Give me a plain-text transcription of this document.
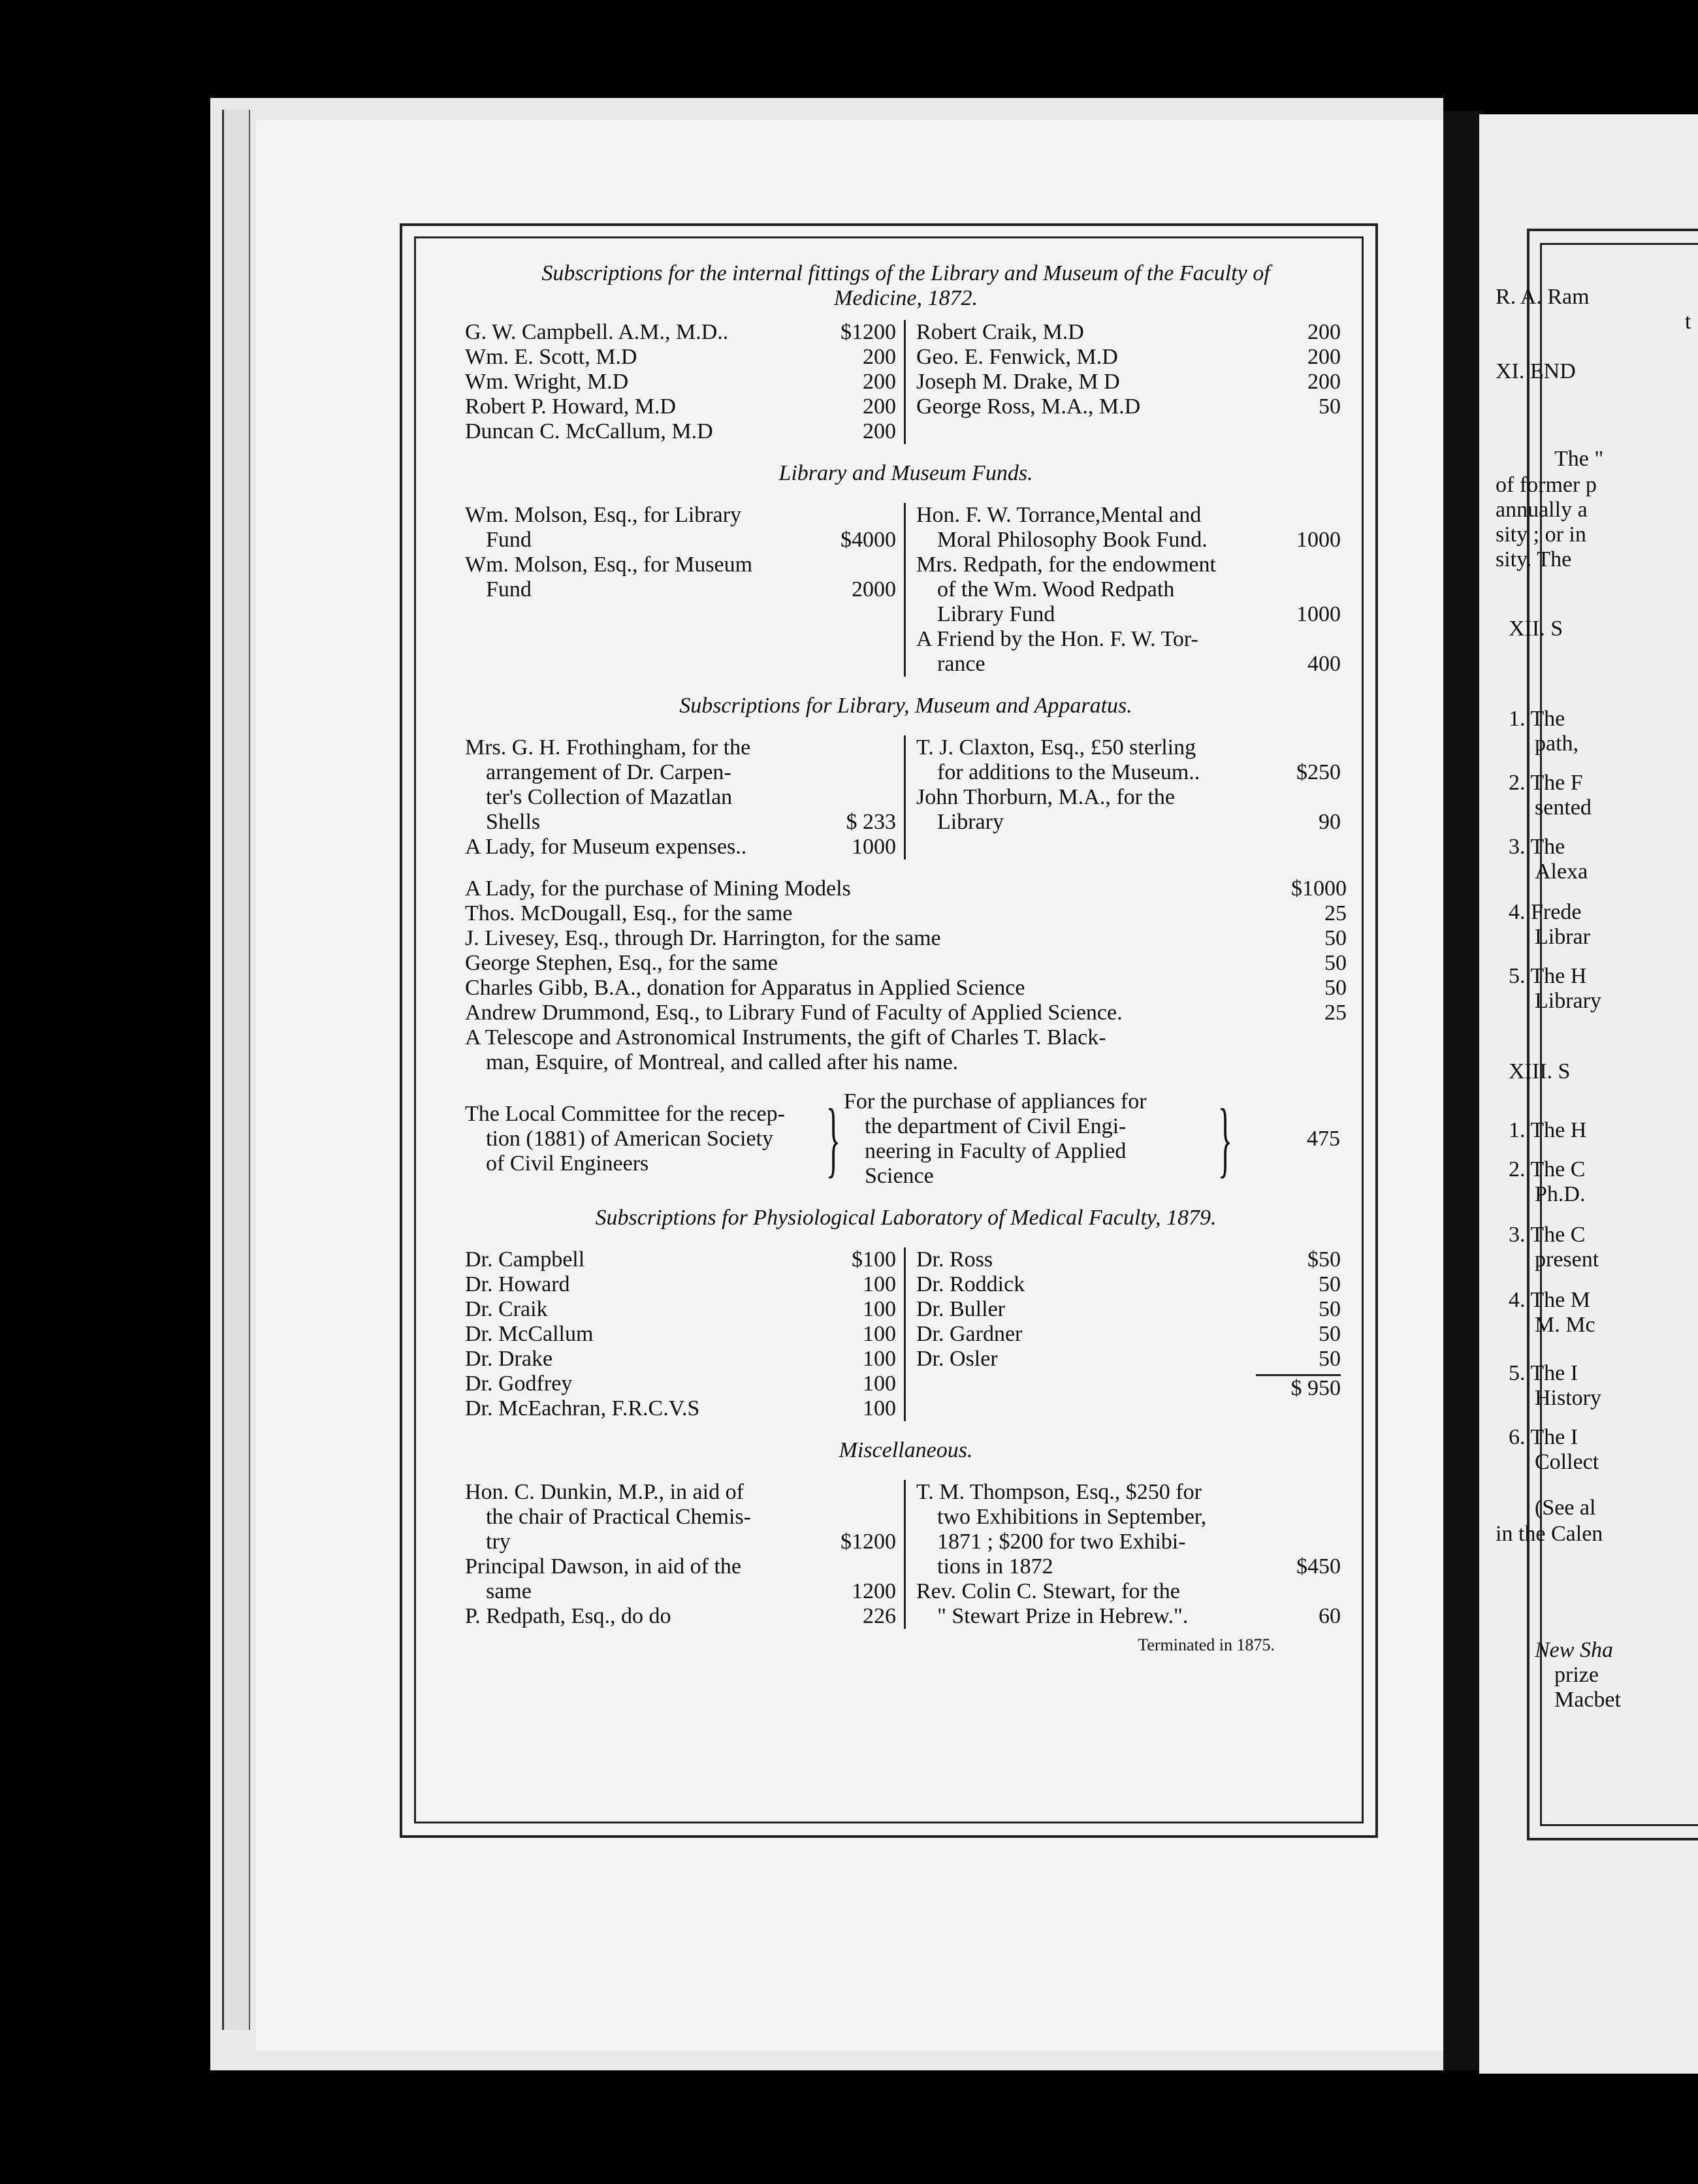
Subscriptions for the internal fittings of the Library and Museum of the Faculty of
Medicine, 1872.
G. W. Campbell. A.M., M.D..	$1200
Wm. E. Scott, M.D	200
Wm. Wright, M.D	200
Robert P. Howard, M.D	200
Duncan C. McCallum, M.D	200
Robert Craik, M.D	200
Geo. E. Fenwick, M.D	200
Joseph M. Drake, M D	200
George Ross, M.A., M.D	50
Library and Museum Funds.
Wm. Molson, Esq., for Library
Fund	$4000
Wm. Molson, Esq., for Museum
Fund	2000
Hon. F. W. Torrance,Mental and
Moral Philosophy Book Fund.	1000
Mrs. Redpath, for the endowment
of the Wm. Wood Redpath
Library Fund	1000
A Friend by the Hon. F. W. Tor-
rance	400
Subscriptions for Library, Museum and Apparatus.
Mrs. G. H. Frothingham, for the
arrangement of Dr. Carpen-
ter's Collection of Mazatlan
Shells	$ 233
A Lady, for Museum expenses..	1000
T. J. Claxton, Esq., £50 sterling
for additions to the Museum..	$250
John Thorburn, M.A., for the
Library	90
A Lady, for the purchase of Mining Models	$1000
Thos. McDougall, Esq., for the same	25
J. Livesey, Esq., through Dr. Harrington, for the same	50
George Stephen, Esq., for the same	50
Charles Gibb, B.A., donation for Apparatus in Applied Science	50
Andrew Drummond, Esq., to Library Fund of Faculty of Applied Science.	25
A Telescope and Astronomical Instruments, the gift of Charles T. Black-
man, Esquire, of Montreal, and called after his name.
The Local Committee for the recep-
tion (1881) of American Society
of Civil Engineers	} For the purchase of appliances for
the department of Civil Engi-
neering in Faculty of Applied
Science	}	475
Subscriptions for Physiological Laboratory of Medical Faculty, 1879.
Dr. Campbell	$100
Dr. Howard	100
Dr. Craik	100
Dr. McCallum	100
Dr. Drake	100
Dr. Godfrey	100
Dr. McEachran, F.R.C.V.S	100
Dr. Ross	$50
Dr. Roddick	50
Dr. Buller	50
Dr. Gardner	50
Dr. Osler	50
$ 950
Miscellaneous.
Hon. C. Dunkin, M.P., in aid of
the chair of Practical Chemis-
try	$1200
Principal Dawson, in aid of the
same	1200
P. Redpath, Esq., do do	226
T. M. Thompson, Esq., $250 for
two Exhibitions in September,
1871 ; $200 for two Exhibi-
tions in 1872	$450
Rev. Colin C. Stewart, for the
" Stewart Prize in Hebrew.".	60
Terminated in 1875.
R. A. Ram
t
XI. END
The "
of former p
annually a
sity ; or in
sity. The
XII. S
1. The
path,
2. The F
sented
3. The
Alexa
4. Frede
Librar
5. The H
Library
XIII. S
1. The H
2. The C
Ph.D.
3. The C
present
4. The M
M. Mc
5. The I
History
6. The I
Collect
(See al
in the Calen
New Sha
prize
Macbet
